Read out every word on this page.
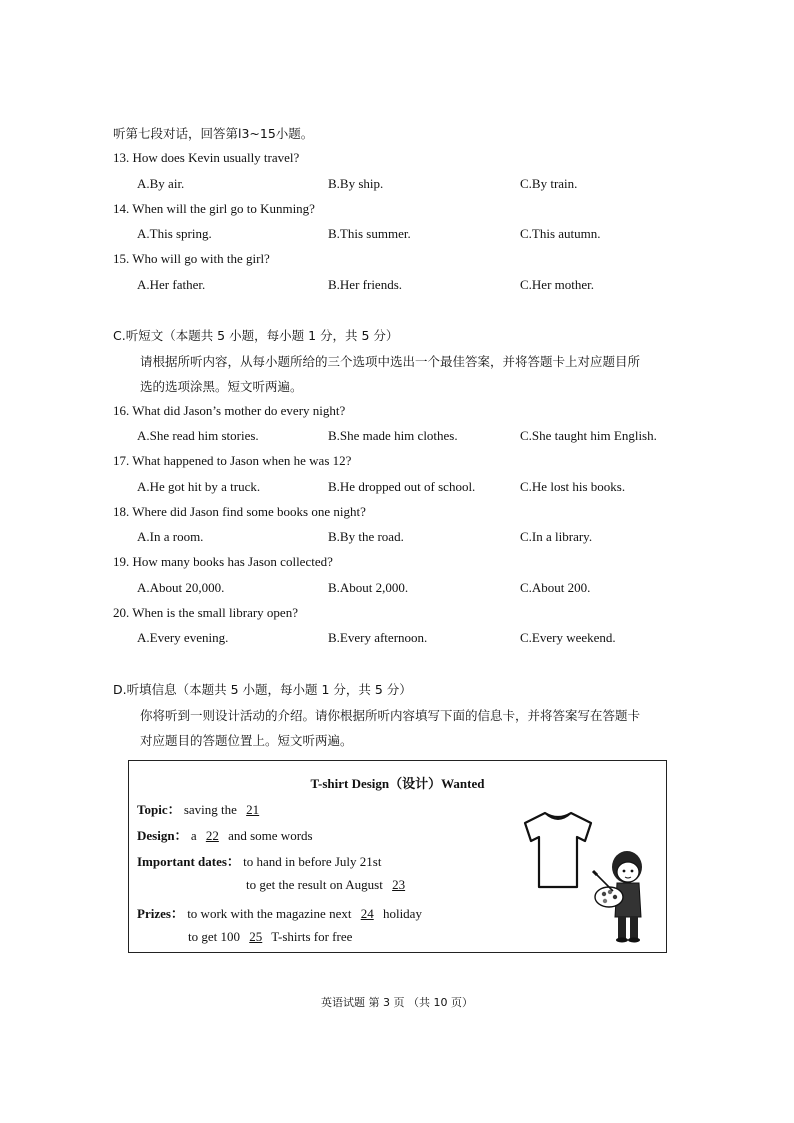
听第七段对话，回答第l3~15小题。
13. How does Kevin usually travel?
A.By air.	B.By ship.	C.By train.
14. When will the girl go to Kunming?
A.This spring.	B.This summer.	C.This autumn.
15. Who will go with the girl?
A.Her father.	B.Her friends.	C.Her mother.
C.听短文（本题共 5 小题，每小题 1 分，共 5 分）
请根据所听内容，从每小题所给的三个选项中选出一个最佳答案，并将答题卡上对应题目所
选的选项涂黑。短文听两遍。
16. What did Jason’s mother do every night?
A.She read him stories.	B.She made him clothes.	C.She taught him English.
17. What happened to Jason when he was 12?
A.He got hit by a truck.	B.He dropped out of school.	C.He lost his books.
18. Where did Jason find some books one night?
A.In a room.	B.By the road.	C.In a library.
19. How many books has Jason collected?
A.About 20,000.	B.About 2,000.	C.About 200.
20. When is the small library open?
A.Every evening.	B.Every afternoon.	C.Every weekend.
D.听填信息（本题共 5 小题，每小题 1 分，共 5 分）
你将听到一则设计活动的介绍。请你根据所听内容填写下面的信息卡，并将答案写在答题卡
对应题目的答题位置上。短文听两遍。
T-shirt Design（设计）Wanted
Topic： saving the 21
Design： a 22 and some words
Important dates： to hand in before July 21st
to get the result on August 23
Prizes： to work with the magazine next 24 holiday
to get 100 25 T-shirts for free
英语试题 第 3 页 （共 10 页）
